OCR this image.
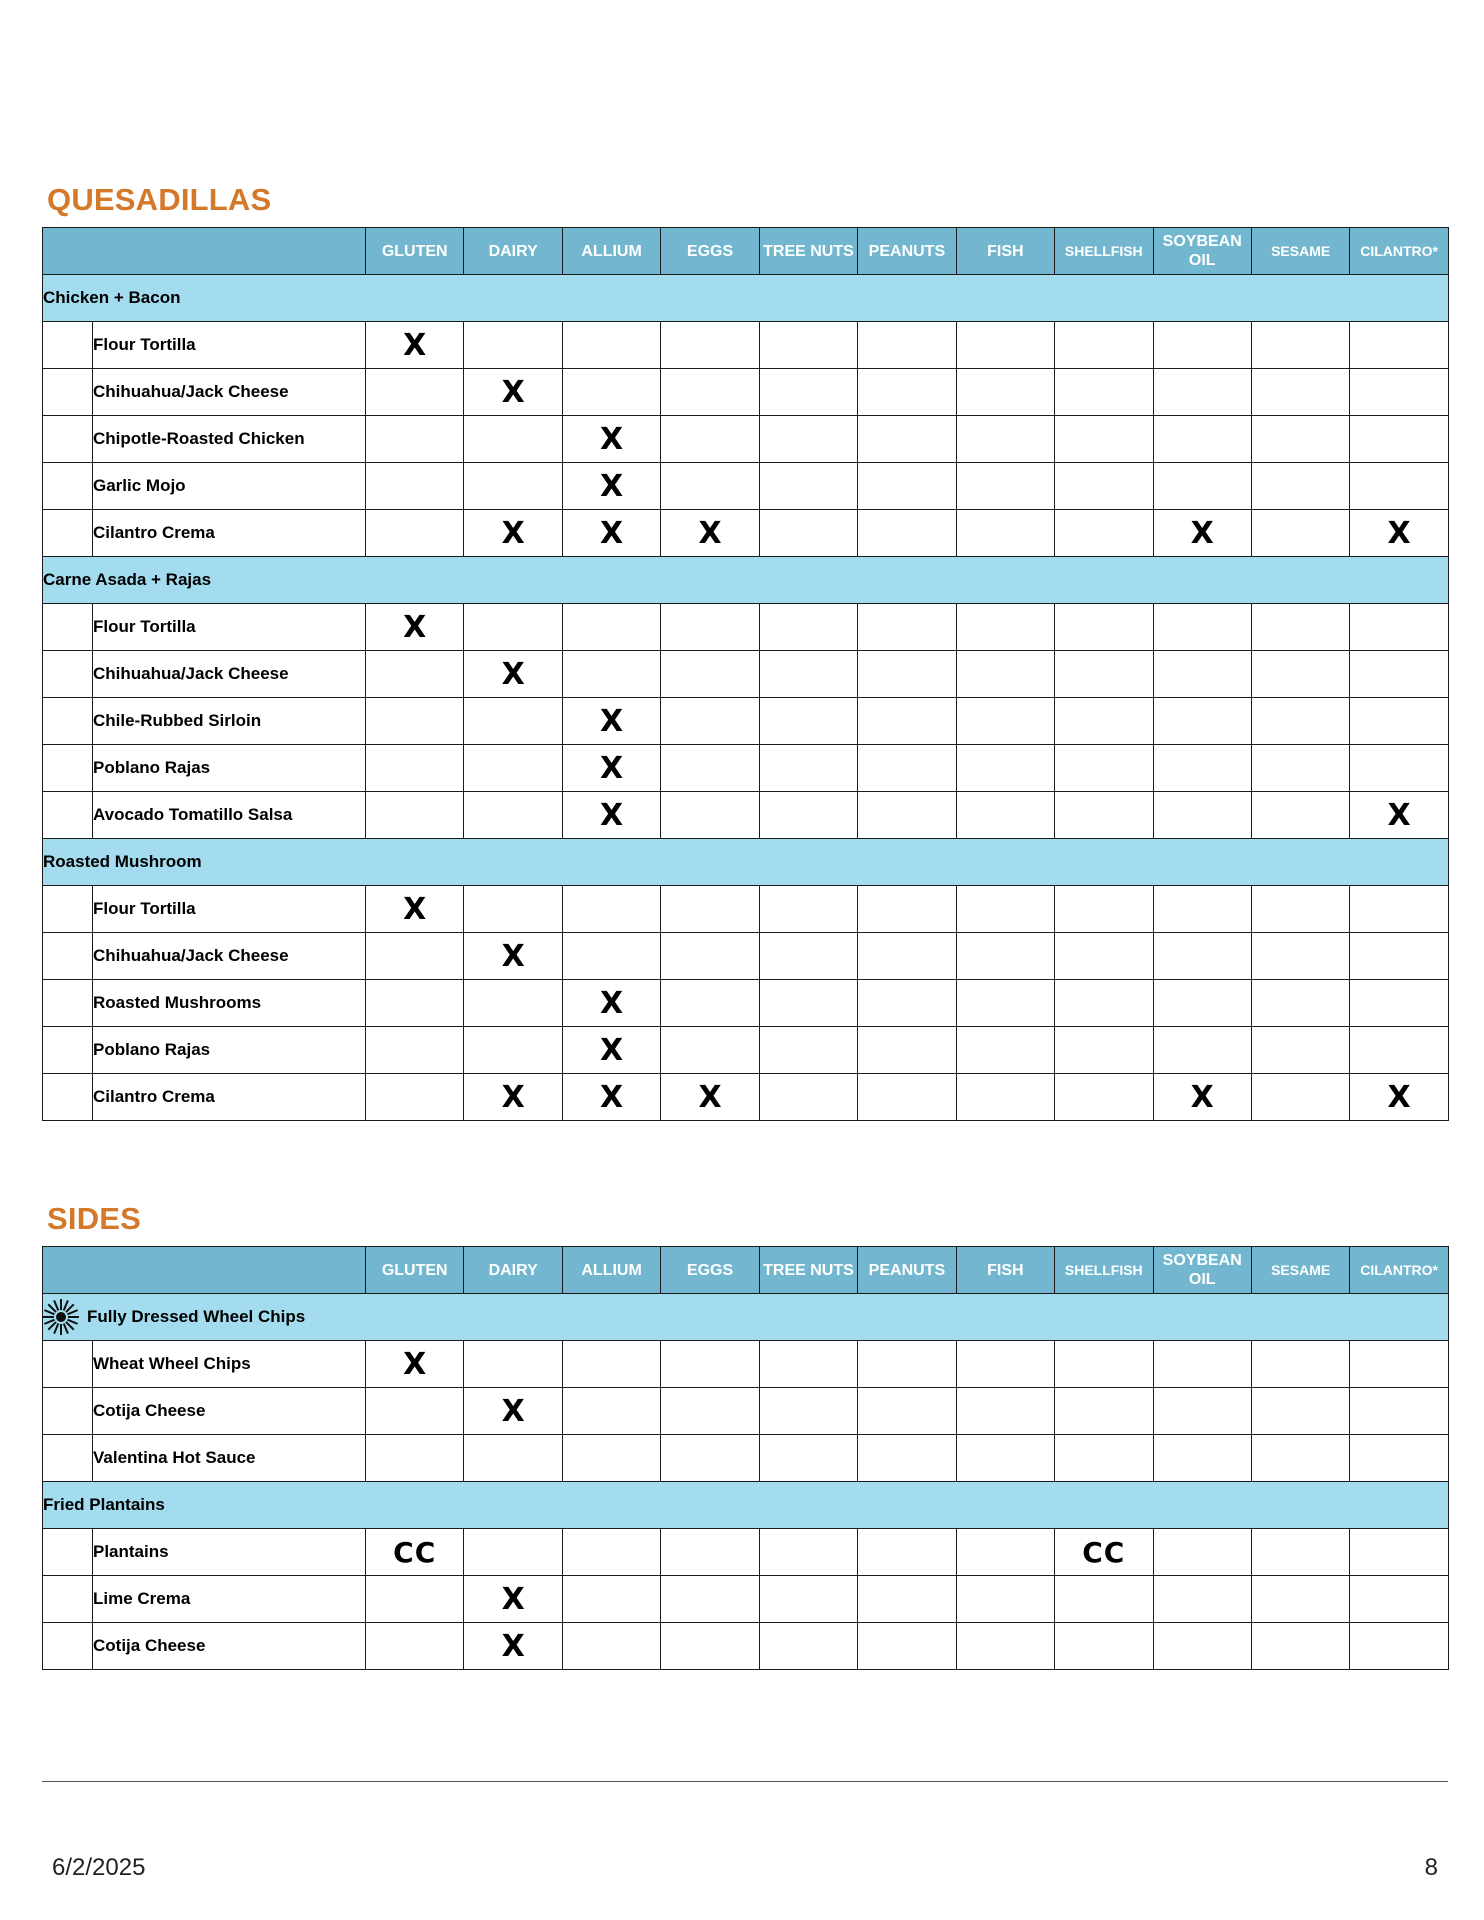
QUESADILLAS
		GLUTEN	DAIRY	ALLIUM	EGGS	TREE NUTS	PEANUTS	FISH	SHELLFISH	SOYBEAN OIL	SESAME	CILANTRO*

Chicken + Bacon												

	Flour Tortilla	X										
	Chihuahua/Jack Cheese		X									
	Chipotle-Roasted Chicken			X								
	Garlic Mojo			X								
	Cilantro Crema		X	X	X					X		X

Carne Asada + Rajas												

	Flour Tortilla	X										
	Chihuahua/Jack Cheese		X									
	Chile-Rubbed Sirloin			X								
	Poblano Rajas			X								
	Avocado Tomatillo Salsa			X								X

Roasted Mushroom												

	Flour Tortilla	X										
	Chihuahua/Jack Cheese		X									
	Roasted Mushrooms			X								
	Poblano Rajas			X								
	Cilantro Crema		X	X	X					X		X
SIDES
		GLUTEN	DAIRY	ALLIUM	EGGS	TREE NUTS	PEANUTS	FISH	SHELLFISH	SOYBEAN OIL	SESAME	CILANTRO*

Fully Dressed Wheel Chips												

	Wheat Wheel Chips	X										
	Cotija Cheese		X									
	Valentina Hot Sauce											

Fried Plantains												

	Plantains	CC							CC			
	Lime Crema		X									
	Cotija Cheese		X									
6/2/2025	8
